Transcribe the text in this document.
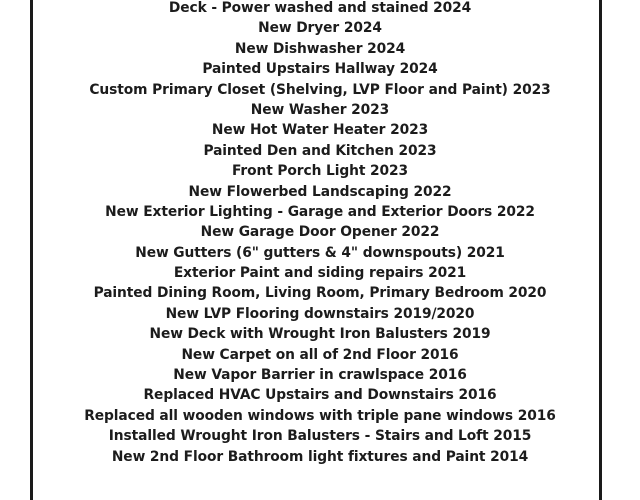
Deck - Power washed and stained 2024
New Dryer 2024
New Dishwasher 2024
Painted Upstairs Hallway 2024
Custom Primary Closet (Shelving, LVP Floor and Paint) 2023
New Washer 2023
New Hot Water Heater 2023
Painted Den and Kitchen 2023
Front Porch Light 2023
New Flowerbed Landscaping 2022
New Exterior Lighting - Garage and Exterior Doors 2022
New Garage Door Opener 2022
New Gutters (6" gutters & 4" downspouts) 2021
Exterior Paint and siding repairs 2021
Painted Dining Room, Living Room, Primary Bedroom 2020
New LVP Flooring downstairs 2019/2020
New Deck with Wrought Iron Balusters 2019
New Carpet on all of 2nd Floor 2016
New Vapor Barrier in crawlspace 2016
Replaced HVAC Upstairs and Downstairs 2016
Replaced all wooden windows with triple pane windows 2016
Installed Wrought Iron Balusters - Stairs and Loft 2015
New 2nd Floor Bathroom light fixtures and Paint 2014
